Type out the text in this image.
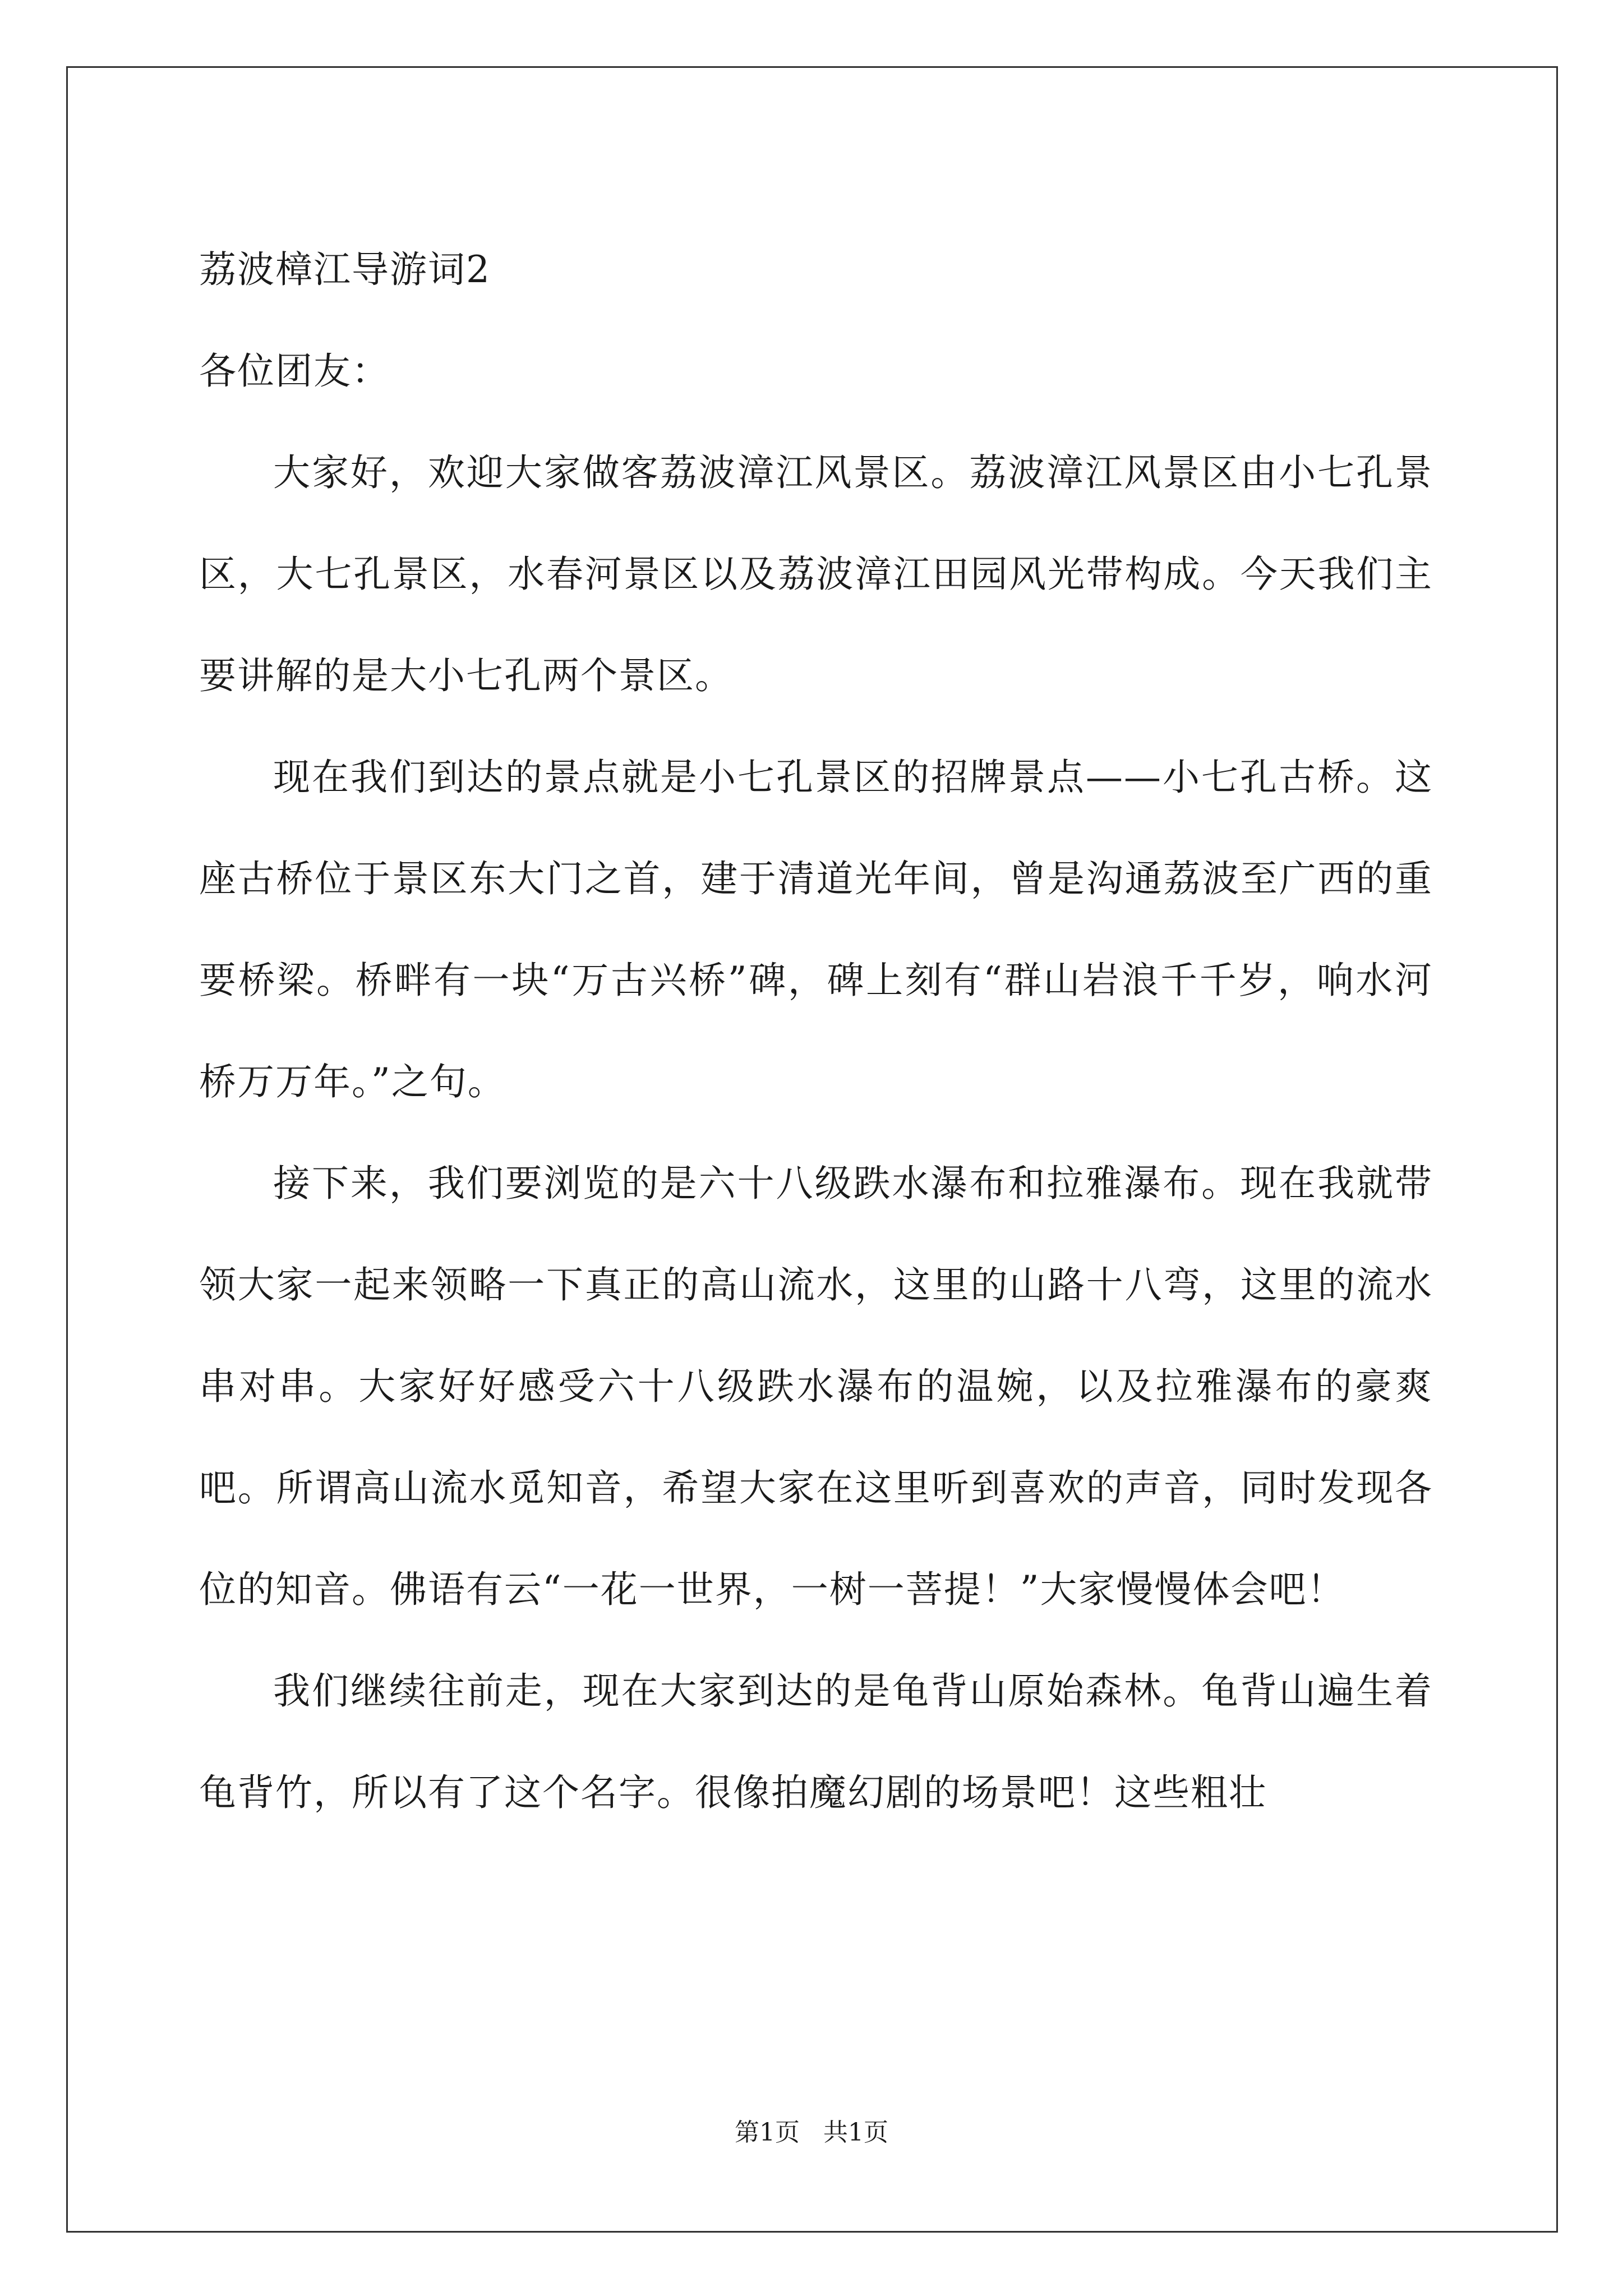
荔波樟江导游词2

各位团友：

大家好，欢迎大家做客荔波漳江风景区。荔波漳江风景区由小七孔景区，大七孔景区，水春河景区以及荔波漳江田园风光带构成。今天我们主要讲解的是大小七孔两个景区。

现在我们到达的景点就是小七孔景区的招牌景点——小七孔古桥。这座古桥位于景区东大门之首，建于清道光年间，曾是沟通荔波至广西的重要桥梁。桥畔有一块“万古兴桥”碑，碑上刻有“群山岩浪千千岁，响水河桥万万年。”之句。

接下来，我们要浏览的是六十八级跌水瀑布和拉雅瀑布。现在我就带领大家一起来领略一下真正的高山流水，这里的山路十八弯，这里的流水串对串。大家好好感受六十八级跌水瀑布的温婉，以及拉雅瀑布的豪爽吧。所谓高山流水觅知音，希望大家在这里听到喜欢的声音，同时发现各位的知音。佛语有云“一花一世界，一树一菩提！”大家慢慢体会吧！

我们继续往前走，现在大家到达的是龟背山原始森林。龟背山遍生着龟背竹，所以有了这个名字。很像拍魔幻剧的场景吧！这些粗壮

第1页 共1页
